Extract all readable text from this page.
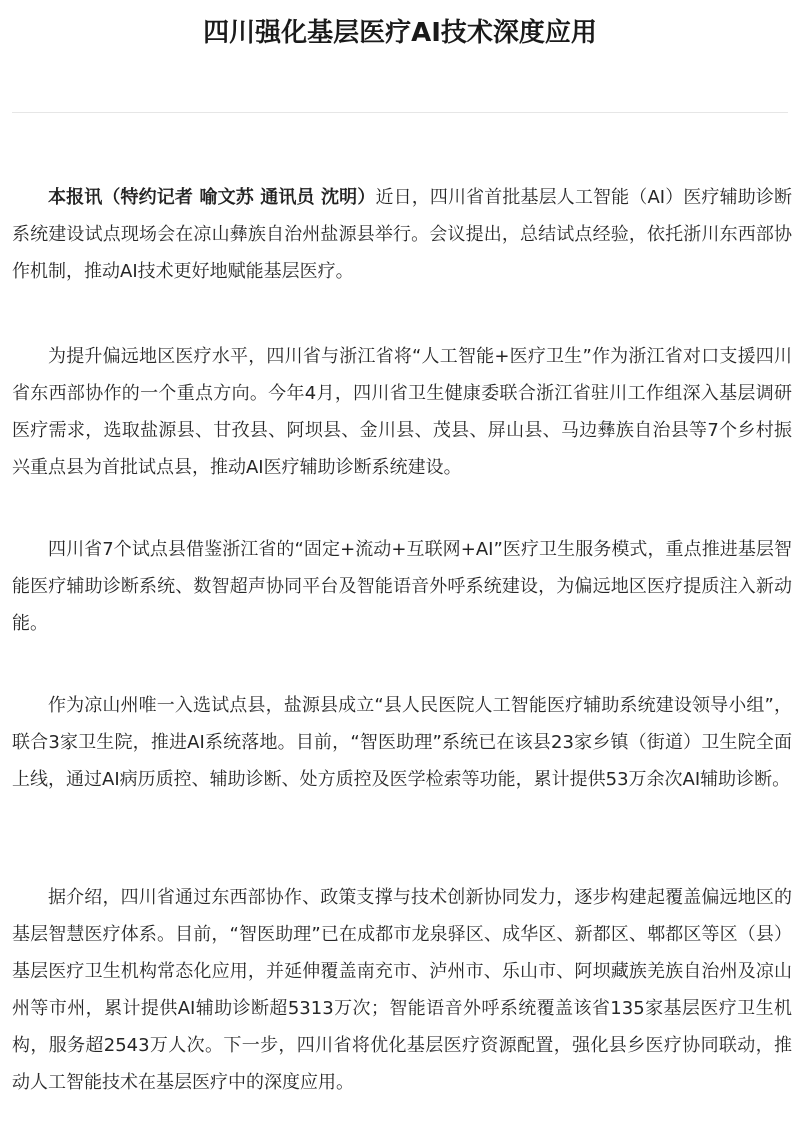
四川强化基层医疗AI技术深度应用

本报讯（特约记者 喻文苏 通讯员 沈明）近日，四川省首批基层人工智能（AI）医疗辅助诊断系统建设试点现场会在凉山彝族自治州盐源县举行。会议提出，总结试点经验，依托浙川东西部协作机制，推动AI技术更好地赋能基层医疗。

为提升偏远地区医疗水平，四川省与浙江省将“人工智能+医疗卫生”作为浙江省对口支援四川省东西部协作的一个重点方向。今年4月，四川省卫生健康委联合浙江省驻川工作组深入基层调研医疗需求，选取盐源县、甘孜县、阿坝县、金川县、茂县、屏山县、马边彝族自治县等7个乡村振兴重点县为首批试点县，推动AI医疗辅助诊断系统建设。

四川省7个试点县借鉴浙江省的“固定+流动+互联网+AI”医疗卫生服务模式，重点推进基层智能医疗辅助诊断系统、数智超声协同平台及智能语音外呼系统建设，为偏远地区医疗提质注入新动能。

作为凉山州唯一入选试点县，盐源县成立“县人民医院人工智能医疗辅助系统建设领导小组”，联合3家卫生院，推进AI系统落地。目前，“智医助理”系统已在该县23家乡镇（街道）卫生院全面上线，通过AI病历质控、辅助诊断、处方质控及医学检索等功能，累计提供53万余次AI辅助诊断。

据介绍，四川省通过东西部协作、政策支撑与技术创新协同发力，逐步构建起覆盖偏远地区的基层智慧医疗体系。目前，“智医助理”已在成都市龙泉驿区、成华区、新都区、郫都区等区（县）基层医疗卫生机构常态化应用，并延伸覆盖南充市、泸州市、乐山市、阿坝藏族羌族自治州及凉山州等市州，累计提供AI辅助诊断超5313万次；智能语音外呼系统覆盖该省135家基层医疗卫生机构，服务超2543万人次。下一步，四川省将优化基层医疗资源配置，强化县乡医疗协同联动，推动人工智能技术在基层医疗中的深度应用。
